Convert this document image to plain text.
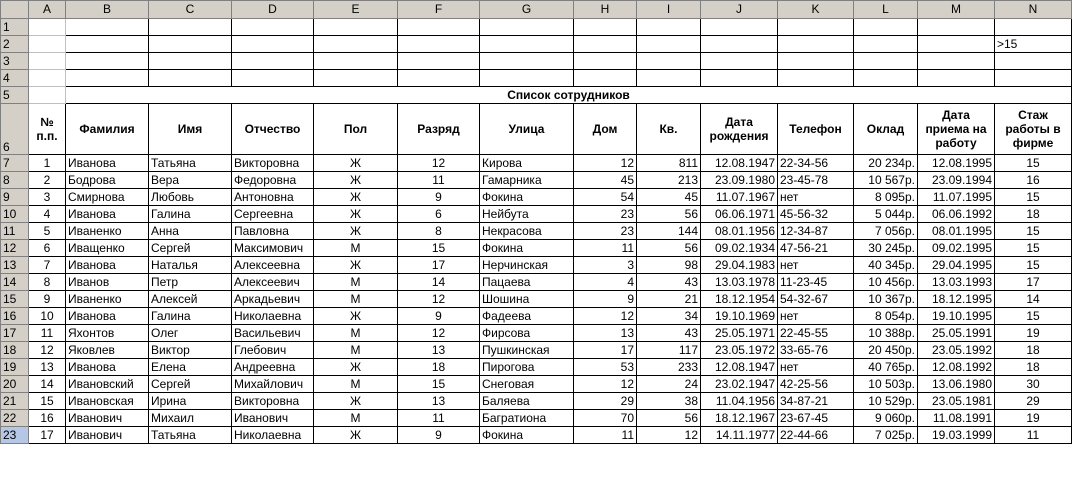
	A	B	C	D	E	F	G	H	I	J	K	L	M	N
1														
2														>15
3														
4														
5		Список сотрудников												
6	№ п.п.	Фамилия	Имя	Отчество	Пол	Разряд	Улица	Дом	Кв.	Дата рождения	Телефон	Оклад	Дата приема на работу	Стаж работы в фирме
7	1	Иванова	Татьяна	Викторовна	Ж	12	Кирова	12	811	12.08.1947	22-34-56	20 234р.	12.08.1995	15
8	2	Бодрова	Вера	Федоровна	Ж	11	Гамарника	45	213	23.09.1980	23-45-78	10 567р.	23.09.1994	16
9	3	Смирнова	Любовь	Антоновна	Ж	9	Фокина	54	45	11.07.1967	нет	8 095р.	11.07.1995	15
10	4	Иванова	Галина	Сергеевна	Ж	6	Нейбута	23	56	06.06.1971	45-56-32	5 044р.	06.06.1992	18
11	5	Иваненко	Анна	Павловна	Ж	8	Некрасова	23	144	08.01.1956	12-34-87	7 056р.	08.01.1995	15
12	6	Иващенко	Сергей	Максимович	М	15	Фокина	11	56	09.02.1934	47-56-21	30 245р.	09.02.1995	15
13	7	Иванова	Наталья	Алексеевна	Ж	17	Нерчинская	3	98	29.04.1983	нет	40 345р.	29.04.1995	15
14	8	Иванов	Петр	Алексеевич	М	14	Пацаева	4	43	13.03.1978	11-23-45	10 456р.	13.03.1993	17
15	9	Иваненко	Алексей	Аркадьевич	М	12	Шошина	9	21	18.12.1954	54-32-67	10 367р.	18.12.1995	14
16	10	Иванова	Галина	Николаевна	Ж	9	Фадеева	12	34	19.10.1969	нет	8 054р.	19.10.1995	15
17	11	Яхонтов	Олег	Васильевич	М	12	Фирсова	13	43	25.05.1971	22-45-55	10 388р.	25.05.1991	19
18	12	Яковлев	Виктор	Глебович	М	13	Пушкинская	17	117	23.05.1972	33-65-76	20 450р.	23.05.1992	18
19	13	Иванова	Елена	Андреевна	Ж	18	Пирогова	53	233	12.08.1947	нет	40 765р.	12.08.1992	18
20	14	Ивановский	Сергей	Михайлович	М	15	Снеговая	12	24	23.02.1947	42-25-56	10 503р.	13.06.1980	30
21	15	Ивановская	Ирина	Викторовна	Ж	13	Баляева	29	38	11.04.1956	34-87-21	10 529р.	23.05.1981	29
22	16	Иванович	Михаил	Иванович	М	11	Багратиона	70	56	18.12.1967	23-67-45	9 060р.	11.08.1991	19
23	17	Иванович	Татьяна	Николаевна	Ж	9	Фокина	11	12	14.11.1977	22-44-66	7 025р.	19.03.1999	11
